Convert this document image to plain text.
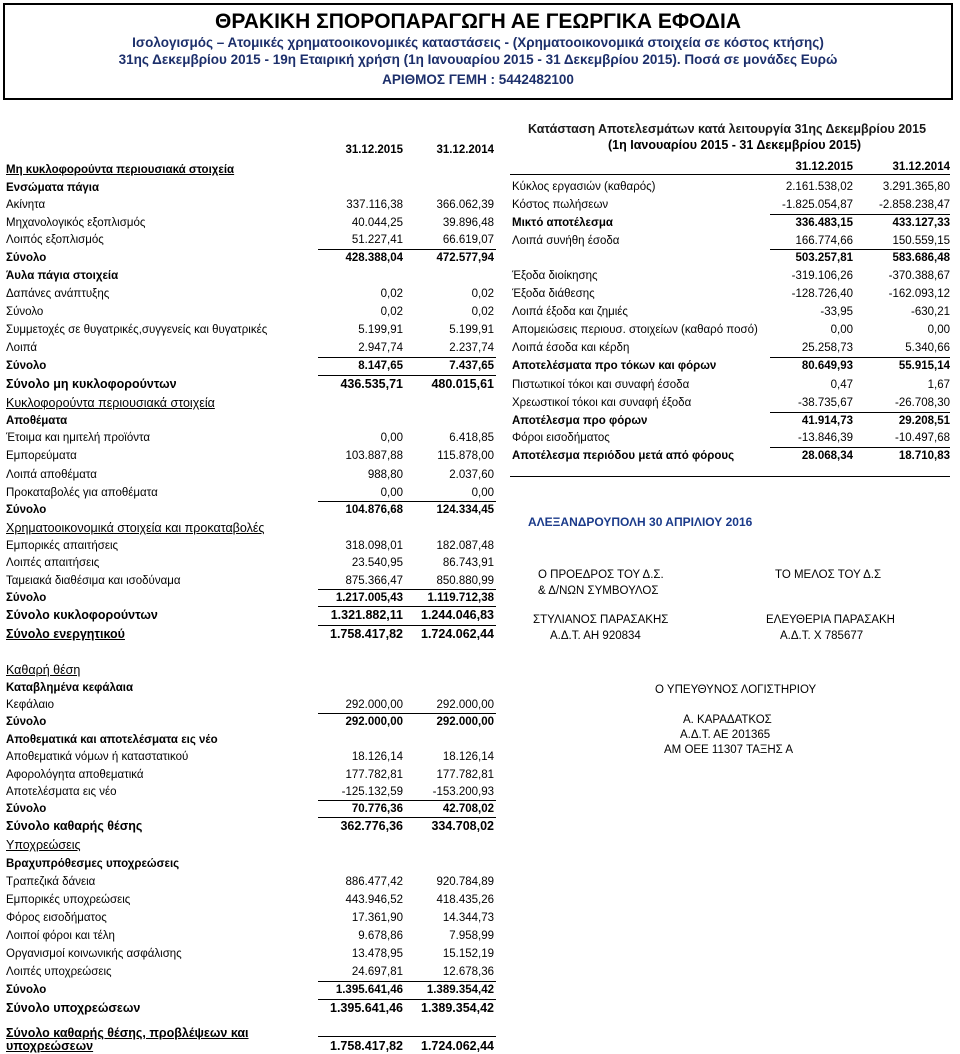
ΘΡΑΚΙΚΗ ΣΠΟΡΟΠΑΡΑΓΩΓΗ ΑΕ ΓΕΩΡΓΙΚΑ ΕΦΟΔΙΑ
Ισολογισμός – Ατομικές χρηματοοικονομικές καταστάσεις - (Χρηματοοικονομικά στοιχεία σε κόστος κτήσης)
31ης Δεκεμβρίου 2015 - 19η Εταιρική χρήση (1η Ιανουαρίου 2015 - 31 Δεκεμβρίου 2015). Ποσά σε μονάδες Ευρώ
ΑΡΙΘΜΟΣ ΓΕΜΗ : 5442482100
31.12.2015	31.12.2014
Μη κυκλοφορούντα περιουσιακά στοιχεία
Ενσώματα πάγια
Ακίνητα	337.116,38	366.062,39
Μηχανολογικός εξοπλισμός	40.044,25	39.896,48
Λοιπός εξοπλισμός	51.227,41	66.619,07
Σύνολο	428.388,04	472.577,94
Άυλα πάγια στοιχεία
Δαπάνες ανάπτυξης	0,02	0,02
Σύνολο	0,02	0,02
Συμμετοχές σε θυγατρικές,συγγενείς και θυγατρικές	5.199,91	5.199,91
Λοιπά	2.947,74	2.237,74
Σύνολο	8.147,65	7.437,65
Σύνολο μη κυκλοφορούντων	436.535,71	480.015,61
Κυκλοφορούντα περιουσιακά στοιχεία
Αποθέματα
Έτοιμα και ημιτελή προϊόντα	0,00	6.418,85
Εμπορεύματα	103.887,88	115.878,00
Λοιπά αποθέματα	988,80	2.037,60
Προκαταβολές για αποθέματα	0,00	0,00
Σύνολο	104.876,68	124.334,45
Χρηματοοικονομικά στοιχεία και προκαταβολές
Εμπορικές απαιτήσεις	318.098,01	182.087,48
Λοιπές απαιτήσεις	23.540,95	86.743,91
Ταμειακά διαθέσιμα και ισοδύναμα	875.366,47	850.880,99
Σύνολο	1.217.005,43	1.119.712,38
Σύνολο κυκλοφορούντων	1.321.882,11	1.244.046,83
Σύνολο ενεργητικού	1.758.417,82	1.724.062,44
Καθαρή θέση
Καταβλημένα κεφάλαια
Κεφάλαιο	292.000,00	292.000,00
Σύνολο	292.000,00	292.000,00
Αποθεματικά και αποτελέσματα εις νέο
Αποθεματικά νόμων ή καταστατικού	18.126,14	18.126,14
Αφορολόγητα αποθεματικά	177.782,81	177.782,81
Αποτελέσματα εις νέο	-125.132,59	-153.200,93
Σύνολο	70.776,36	42.708,02
Σύνολο καθαρής θέσης	362.776,36	334.708,02
Υποχρεώσεις
Βραχυπρόθεσμες υποχρεώσεις
Τραπεζικά δάνεια	886.477,42	920.784,89
Εμπορικές υποχρεώσεις	443.946,52	418.435,26
Φόρος εισοδήματος	17.361,90	14.344,73
Λοιποί φόροι και τέλη	9.678,86	7.958,99
Οργανισμοί κοινωνικής ασφάλισης	13.478,95	15.152,19
Λοιπές υποχρεώσεις	24.697,81	12.678,36
Σύνολο	1.395.641,46	1.389.354,42
Σύνολο υποχρεώσεων	1.395.641,46	1.389.354,42
Σύνολο καθαρής θέσης, προβλέψεων και
υποχρεώσεων	1.758.417,82	1.724.062,44
Κατάσταση Αποτελεσμάτων κατά λειτουργία 31ης Δεκεμβρίου 2015
(1η Ιανουαρίου 2015 - 31 Δεκεμβρίου 2015)
31.12.2015	31.12.2014
Κύκλος εργασιών (καθαρός)	2.161.538,02	3.291.365,80
Κόστος πωλήσεων	-1.825.054,87	-2.858.238,47
Μικτό αποτέλεσμα	336.483,15	433.127,33
Λοιπά συνήθη έσοδα	166.774,66	150.559,15
503.257,81	583.686,48
Έξοδα διοίκησης	-319.106,26	-370.388,67
Έξοδα διάθεσης	-128.726,40	-162.093,12
Λοιπά έξοδα και ζημιές	-33,95	-630,21
Απομειώσεις περιουσ. στοιχείων (καθαρό ποσό)	0,00	0,00
Λοιπά έσοδα και κέρδη	25.258,73	5.340,66
Αποτελέσματα προ τόκων και φόρων	80.649,93	55.915,14
Πιστωτικοί τόκοι και συναφή έσοδα	0,47	1,67
Χρεωστικοί τόκοι και συναφή έξοδα	-38.735,67	-26.708,30
Αποτέλεσμα προ φόρων	41.914,73	29.208,51
Φόροι εισοδήματος	-13.846,39	-10.497,68
Αποτέλεσμα περιόδου μετά από φόρους	28.068,34	18.710,83
ΑΛΕΞΑΝΔΡΟΥΠΟΛΗ 30 ΑΠΡΙΛΙΟΥ 2016
Ο ΠΡΟΕΔΡΟΣ ΤΟΥ Δ.Σ.
& Δ/ΝΩΝ ΣΥΜΒΟΥΛΟΣ
ΣΤΥΛΙΑΝΟΣ ΠΑΡΑΣΑΚΗΣ
Α.Δ.Τ. ΑΗ 920834
ΤΟ ΜΕΛΟΣ ΤΟΥ Δ.Σ
ΕΛΕΥΘΕΡΙΑ ΠΑΡΑΣΑΚΗ
Α.Δ.Τ. Χ 785677
Ο ΥΠΕΥΘΥΝΟΣ ΛΟΓΙΣΤΗΡΙΟΥ
Α. ΚΑΡΑΔΑΤΚΟΣ
Α.Δ.Τ. ΑΕ 201365
ΑΜ ΟΕΕ 11307 ΤΑΞΗΣ Α
